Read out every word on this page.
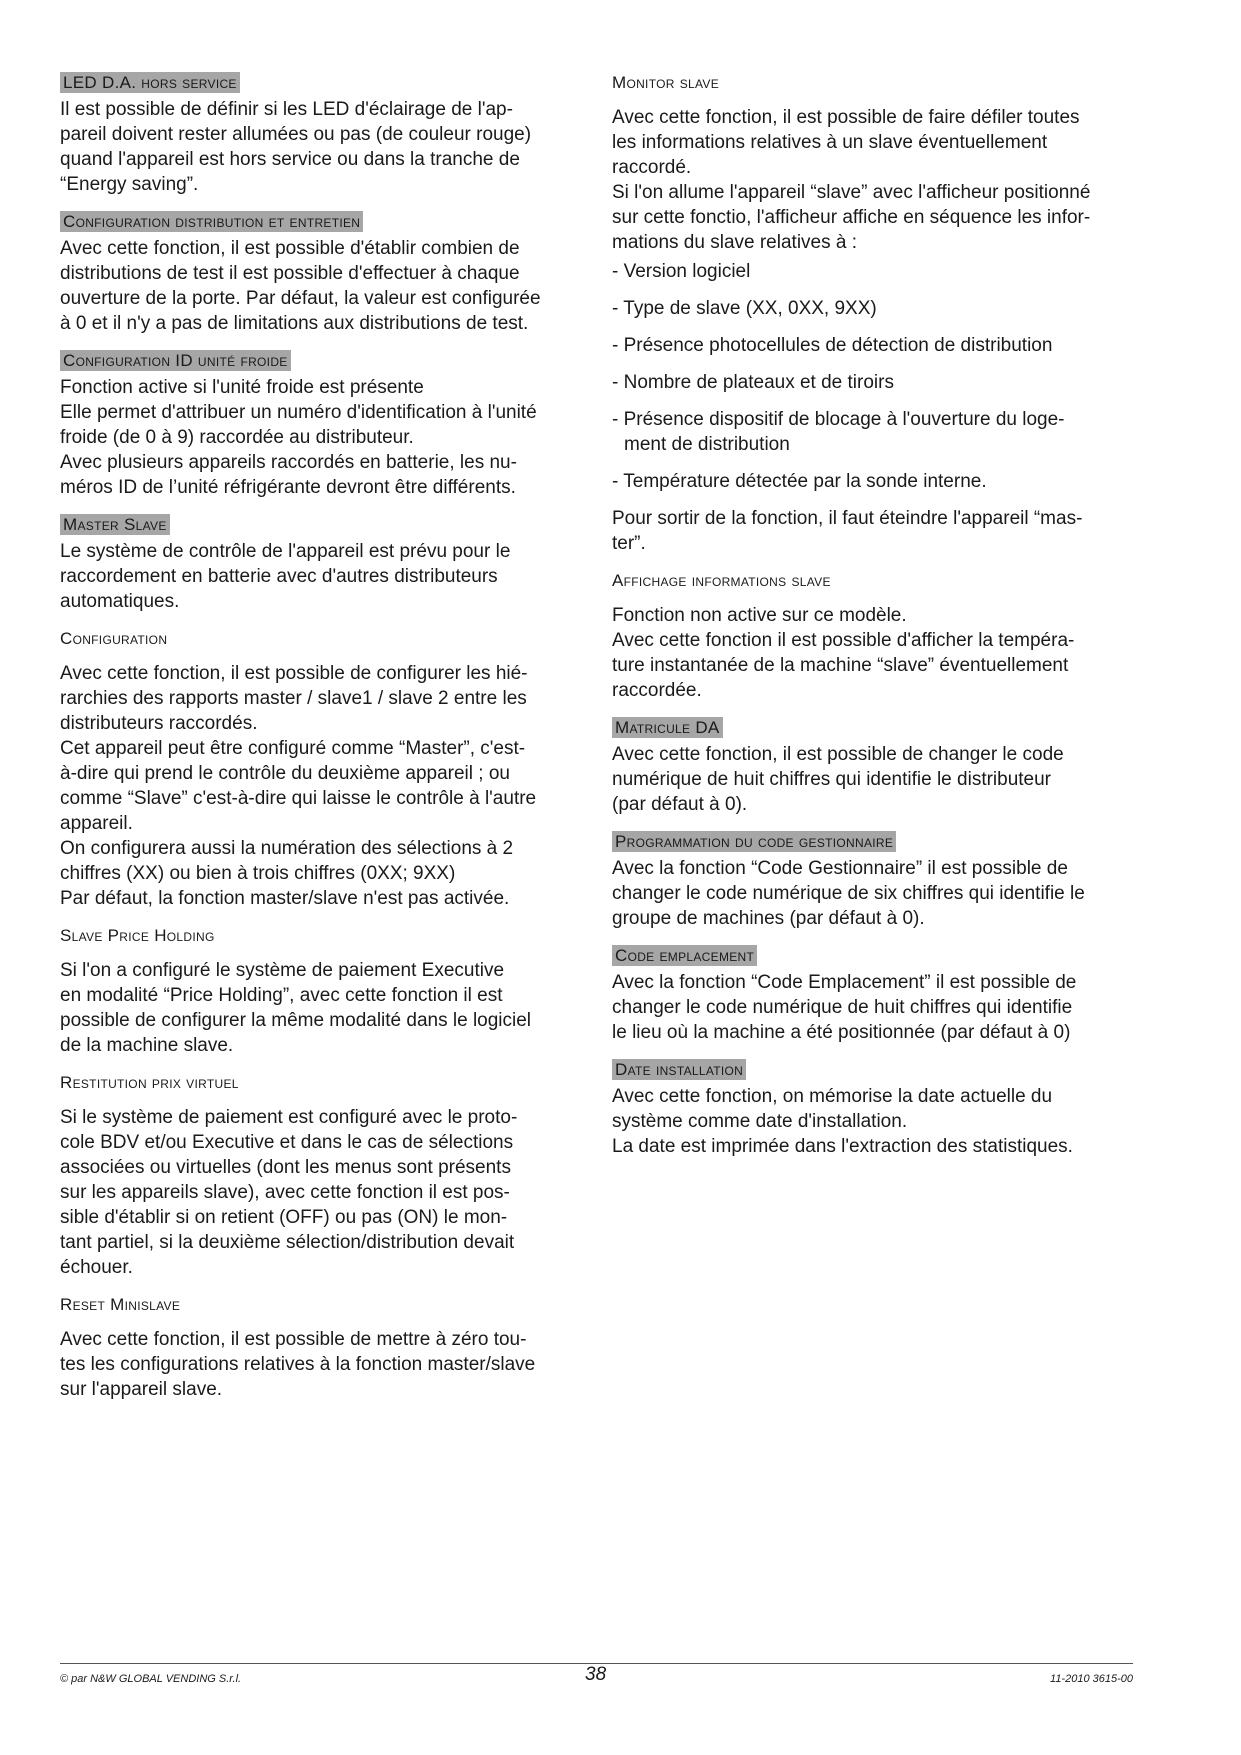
LED D.A. hors service

Il est possible de définir si les LED d'éclairage de l'ap-
pareil doivent rester allumées ou pas (de couleur rouge)
quand l'appareil est hors service ou dans la tranche de
“Energy saving”.

Configuration distribution et entretien

Avec cette fonction, il est possible d'établir combien de
distributions de test il est possible d'effectuer à chaque
ouverture de la porte. Par défaut, la valeur est configurée
à 0 et il n'y a pas de limitations aux distributions de test.

Configuration ID unité froide

Fonction active si l'unité froide est présente
Elle permet d'attribuer un numéro d'identification à l'unité
froide (de 0 à 9) raccordée au distributeur.
Avec plusieurs appareils raccordés en batterie, les nu-
méros ID de l’unité réfrigérante devront être différents.

Master Slave

Le système de contrôle de l'appareil est prévu pour le
raccordement en batterie avec d'autres distributeurs
automatiques.

Configuration

Avec cette fonction, il est possible de configurer les hié-
rarchies des rapports master / slave1 / slave 2 entre les
distributeurs raccordés.
Cet appareil peut être configuré comme “Master”, c'est-
à-dire qui prend le contrôle du deuxième appareil ; ou
comme “Slave” c'est-à-dire qui laisse le contrôle à l'autre
appareil.
On configurera aussi la numération des sélections à 2
chiffres (XX) ou bien à trois chiffres (0XX; 9XX)
Par défaut, la fonction master/slave n'est pas activée.

Slave Price Holding

Si l'on a configuré le système de paiement Executive
en modalité “Price Holding”, avec cette fonction il est
possible de configurer la même modalité dans le logiciel
de la machine slave.

Restitution prix virtuel

Si le système de paiement est configuré avec le proto-
cole BDV et/ou Executive et dans le cas de sélections
associées ou virtuelles (dont les menus sont présents
sur les appareils slave), avec cette fonction il est pos-
sible d'établir si on retient (OFF) ou pas (ON) le mon-
tant partiel, si la deuxième sélection/distribution devait
échouer.

Reset Minislave

Avec cette fonction, il est possible de mettre à zéro tou-
tes les configurations relatives à la fonction master/slave
sur l'appareil slave.

Monitor slave

Avec cette fonction, il est possible de faire défiler toutes
les informations relatives à un slave éventuellement
raccordé.
Si l'on allume l'appareil “slave” avec l'afficheur positionné
sur cette fonctio, l'afficheur affiche en séquence les infor-
mations du slave relatives à :

- Version logiciel

- Type de slave (XX, 0XX, 9XX)

- Présence photocellules de détection de distribution

- Nombre de plateaux et de tiroirs

- Présence dispositif de blocage à l'ouverture du loge-
ment de distribution

- Température détectée par la sonde interne.

Pour sortir de la fonction, il faut éteindre l'appareil “mas-
ter”.

Affichage informations slave

Fonction non active sur ce modèle.
Avec cette fonction il est possible d'afficher la tempéra-
ture instantanée de la machine “slave” éventuellement
raccordée.

Matricule DA

Avec cette fonction, il est possible de changer le code
numérique de huit chiffres qui identifie le distributeur
(par défaut à 0).

Programmation du code gestionnaire

Avec la fonction “Code Gestionnaire” il est possible de
changer le code numérique de six chiffres qui identifie le
groupe de machines (par défaut à 0).

Code emplacement

Avec la fonction “Code Emplacement” il est possible de
changer le code numérique de huit chiffres qui identifie
le lieu où la machine a été positionnée (par défaut à 0)

Date installation

Avec cette fonction, on mémorise la date actuelle du
système comme date d'installation.
La date est imprimée dans l'extraction des statistiques.

© par N&W GLOBAL VENDING S.r.l.	38	11-2010 3615-00
